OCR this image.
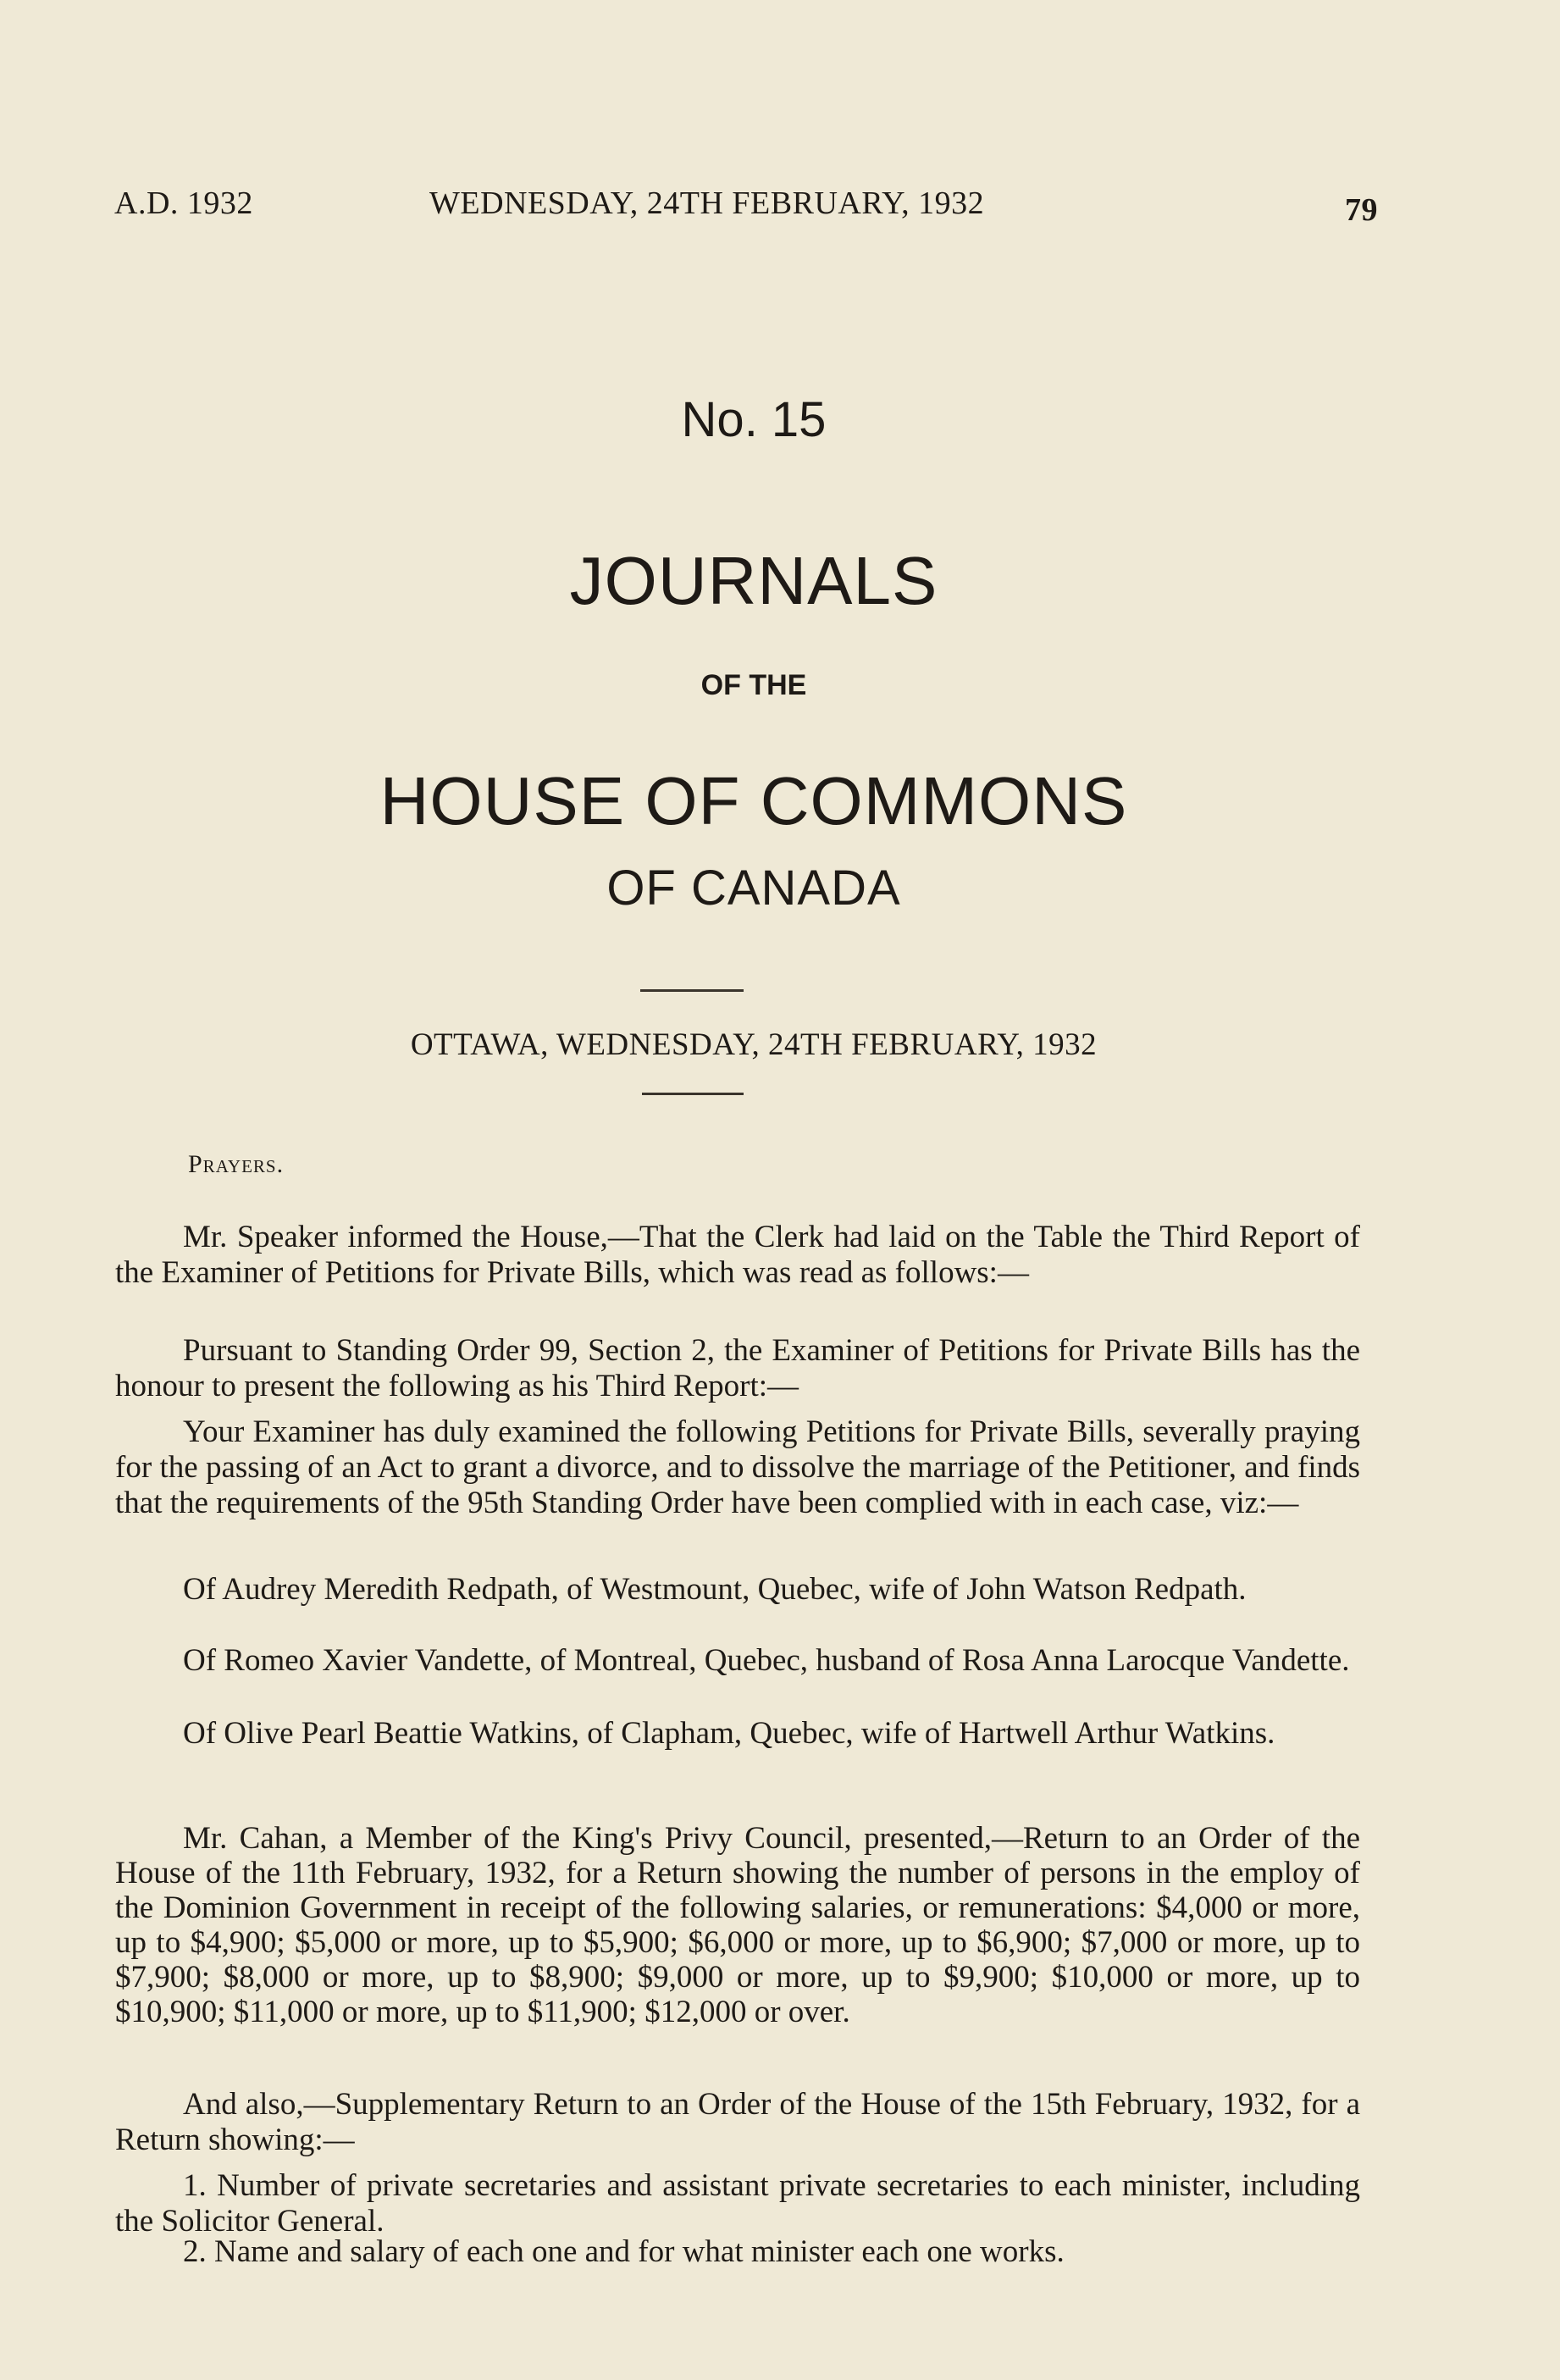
A.D. 1932	WEDNESDAY, 24TH FEBRUARY, 1932	79
No. 15
JOURNALS
OF THE
HOUSE OF COMMONS
OF CANADA
OTTAWA, WEDNESDAY, 24TH FEBRUARY, 1932
Prayers.

Mr. Speaker informed the House,—That the Clerk had laid on the Table the Third Report of the Examiner of Petitions for Private Bills, which was read as follows:—

Pursuant to Standing Order 99, Section 2, the Examiner of Petitions for Private Bills has the honour to present the following as his Third Report:—

Your Examiner has duly examined the following Petitions for Private Bills, severally praying for the passing of an Act to grant a divorce, and to dissolve the marriage of the Petitioner, and finds that the requirements of the 95th Standing Order have been complied with in each case, viz:—

Of Audrey Meredith Redpath, of Westmount, Quebec, wife of John Watson Redpath.

Of Romeo Xavier Vandette, of Montreal, Quebec, husband of Rosa Anna Larocque Vandette.

Of Olive Pearl Beattie Watkins, of Clapham, Quebec, wife of Hartwell Arthur Watkins.

Mr. Cahan, a Member of the King's Privy Council, presented,—Return to an Order of the House of the 11th February, 1932, for a Return showing the number of persons in the employ of the Dominion Government in receipt of the following salaries, or remunerations: $4,000 or more, up to $4,900; $5,000 or more, up to $5,900; $6,000 or more, up to $6,900; $7,000 or more, up to $7,900; $8,000 or more, up to $8,900; $9,000 or more, up to $9,900; $10,000 or more, up to $10,900; $11,000 or more, up to $11,900; $12,000 or over.

And also,—Supplementary Return to an Order of the House of the 15th February, 1932, for a Return showing:—

1. Number of private secretaries and assistant private secretaries to each minister, including the Solicitor General.

2. Name and salary of each one and for what minister each one works.
